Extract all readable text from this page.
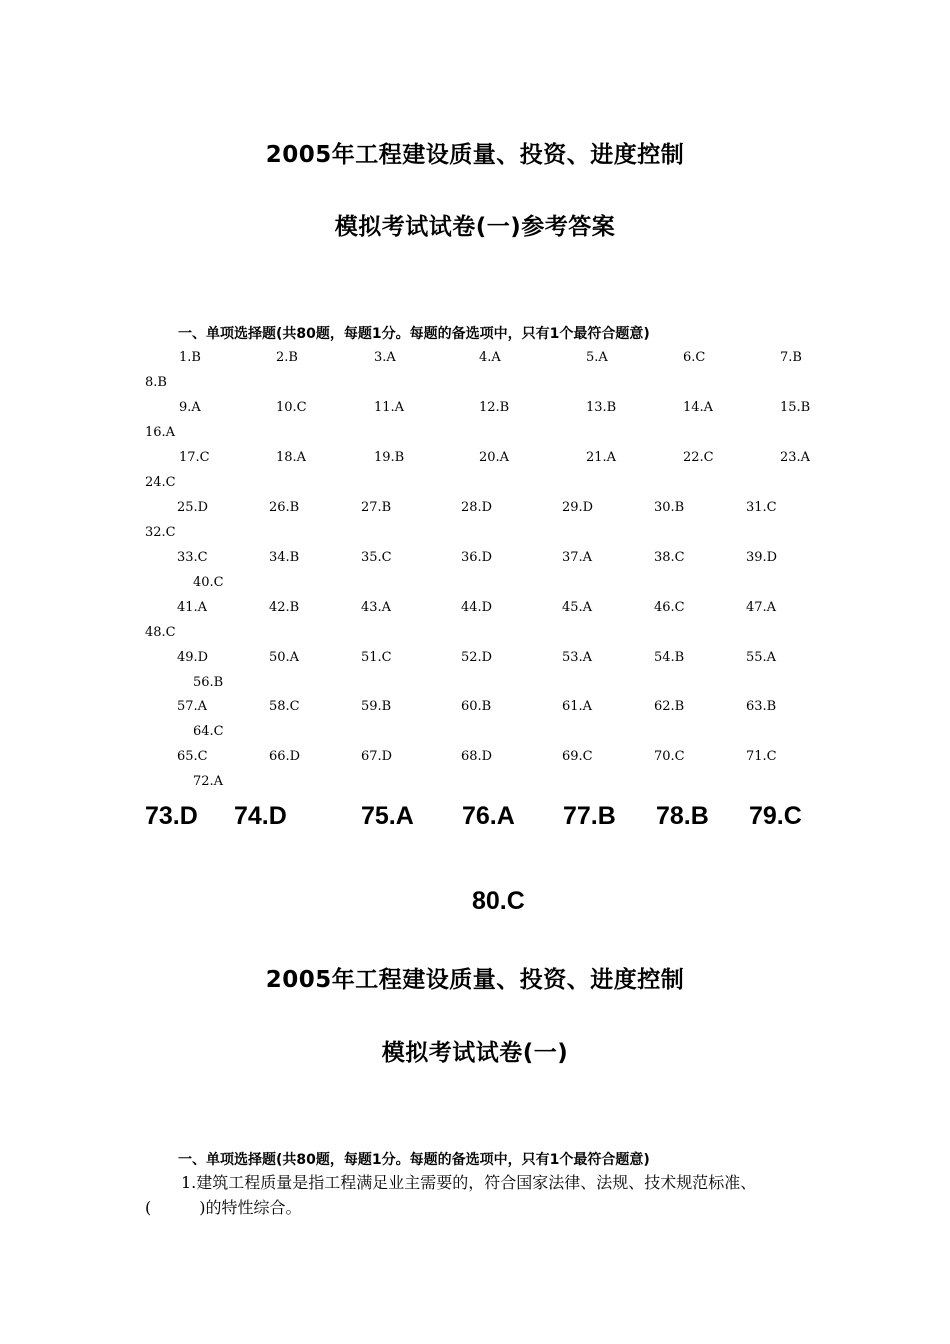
2005年工程建设质量、投资、进度控制
模拟考试试卷(一)参考答案
一、单项选择题(共80题，每题1分。每题的备选项中，只有1个最符合题意)
1.B	2.B	3.A	4.A	5.A	6.C	7.B
8.B
9.A	10.C	11.A	12.B	13.B	14.A	15.B
16.A
17.C	18.A	19.B	20.A	21.A	22.C	23.A
24.C
25.D	26.B	27.B	28.D	29.D	30.B	31.C
32.C
33.C	34.B	35.C	36.D	37.A	38.C	39.D
40.C
41.A	42.B	43.A	44.D	45.A	46.C	47.A
48.C
49.D	50.A	51.C	52.D	53.A	54.B	55.A
56.B
57.A	58.C	59.B	60.B	61.A	62.B	63.B
64.C
65.C	66.D	67.D	68.D	69.C	70.C	71.C
72.A
73.D 74.D	75.A 76.A 77.B 78.B 79.C
80.C
2005年工程建设质量、投资、进度控制
模拟考试试卷(一)
一、单项选择题(共80题，每题1分。每题的备选项中，只有1个最符合题意)
1.建筑工程质量是指工程满足业主需要的，符合国家法律、法规、技术规范标准、(　　　)的特性综合。
